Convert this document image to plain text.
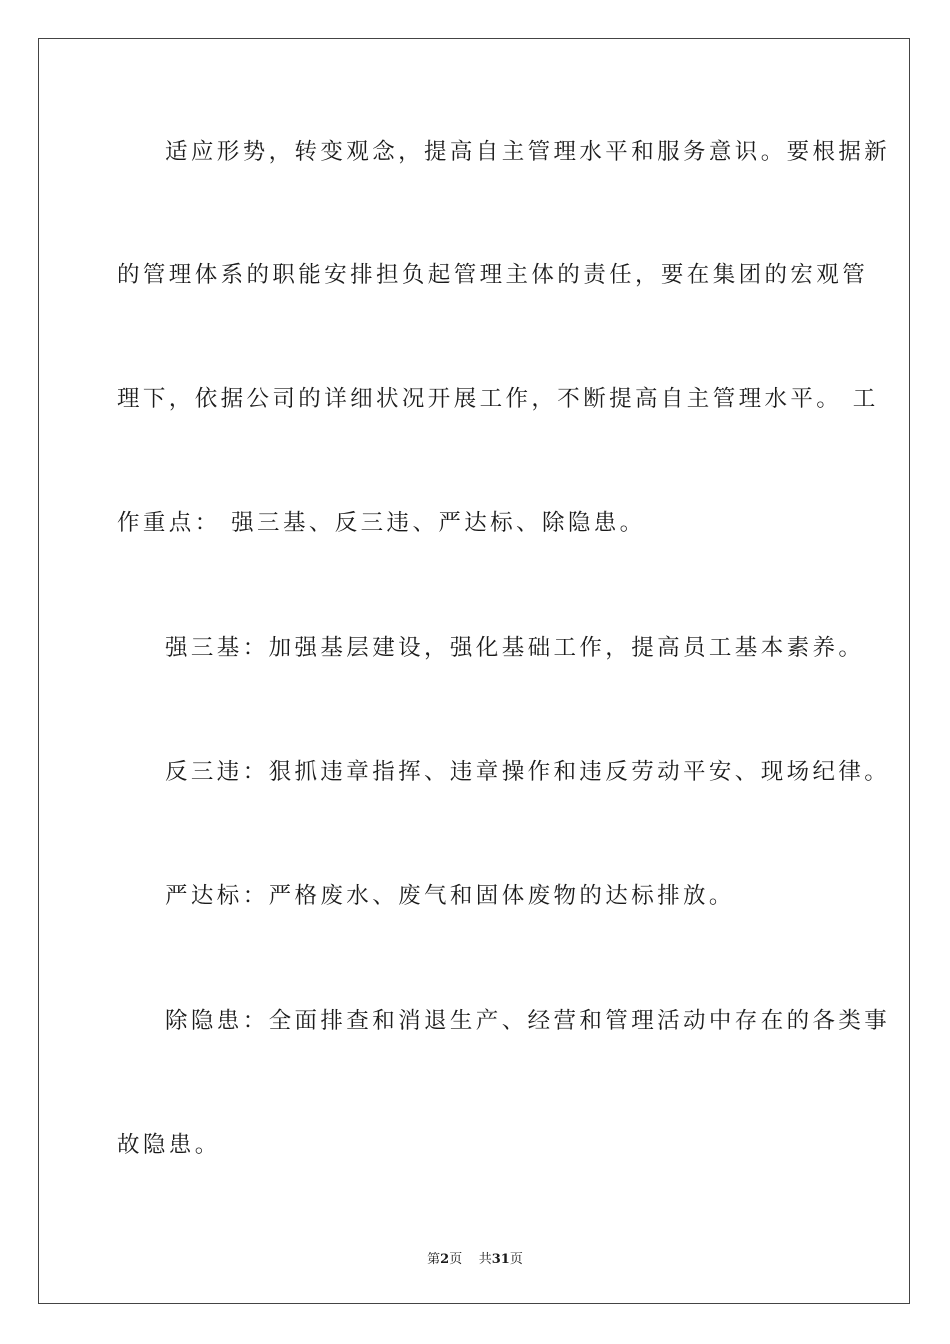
适应形势，转变观念，提高自主管理水平和服务意识。要根据新
的管理体系的职能安排担负起管理主体的责任，要在集团的宏观管
理下，依据公司的详细状况开展工作，不断提高自主管理水平。 工
作重点： 强三基、反三违、严达标、除隐患。
强三基：加强基层建设，强化基础工作，提高员工基本素养。
反三违：狠抓违章指挥、违章操作和违反劳动平安、现场纪律。
严达标：严格废水、废气和固体废物的达标排放。
除隐患：全面排查和消退生产、经营和管理活动中存在的各类事
故隐患。
第2页 共31页
